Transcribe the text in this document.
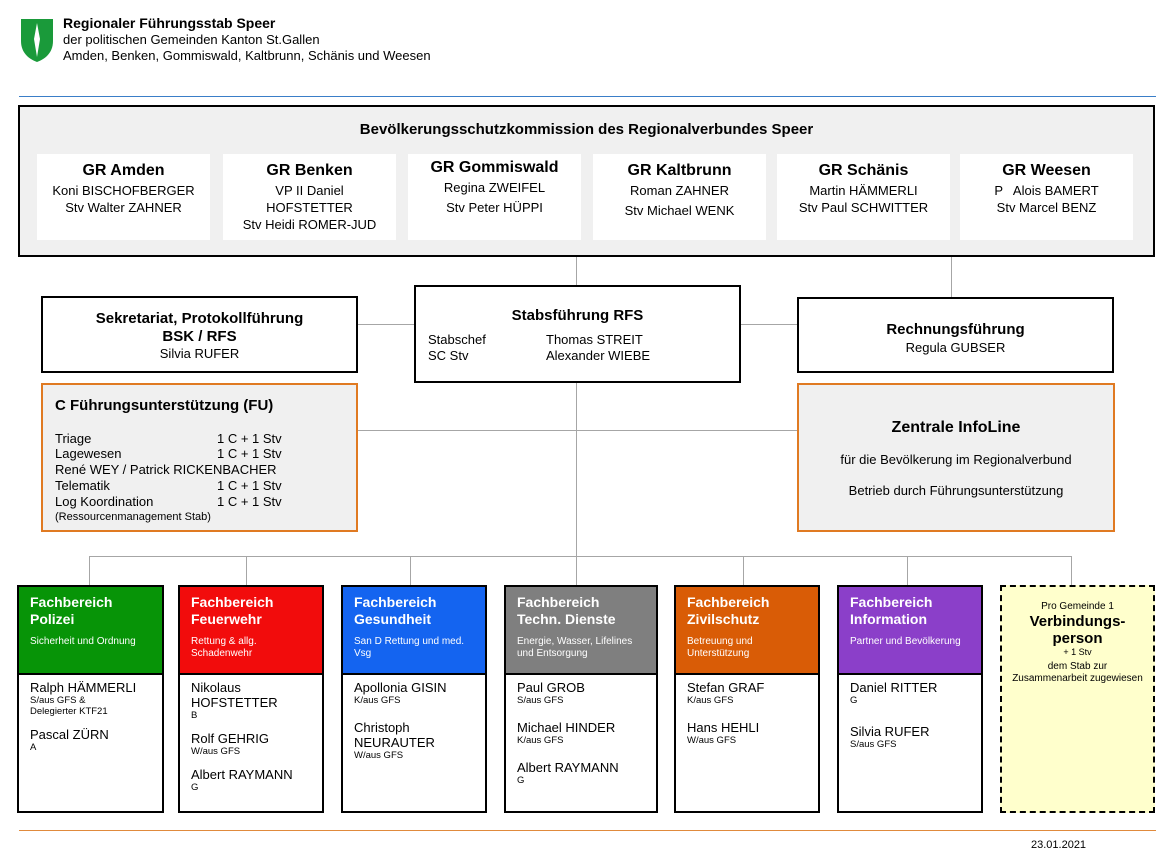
Regionaler Führungsstab Speer
der politischen Gemeinden Kanton St.Gallen
Amden, Benken, Gommiswald, Kaltbrunn, Schänis und Weesen
Bevölkerungsschutzkommission des Regionalverbundes Speer
GR Amden
Koni BISCHOFBERGER
Stv Walter ZAHNER
GR Benken
VP II Daniel
HOFSTETTER
Stv Heidi ROMER-JUD
GR Gommiswald
Regina ZWEIFEL
Stv Peter HÜPPI
GR Kaltbrunn
Roman ZAHNER
Stv Michael WENK
GR Schänis
Martin HÄMMERLI
Stv Paul SCHWITTER
GR Weesen
P   Alois BAMERT
Stv Marcel BENZ
Sekretariat, Protokollführung
BSK / RFS
Silvia RUFER
Stabsführung RFS
Stabschef	Thomas STREIT
SC Stv	Alexander WIEBE
Rechnungsführung
Regula GUBSER
C Führungsunterstützung (FU)
Triage	1 C + 1 Stv
Lagewesen	1 C + 1 Stv
René WEY / Patrick RICKENBACHER
Telematik	1 C + 1 Stv
Log Koordination	1 C + 1 Stv
(Ressourcenmanagement Stab)
Zentrale InfoLine
für die Bevölkerung im Regionalverbund
Betrieb durch Führungsunterstützung
Fachbereich
Polizei
Sicherheit und Ordnung
Ralph HÄMMERLI
S/aus GFS &
Delegierter KTF21
Pascal ZÜRN
A
Fachbereich
Feuerwehr
Rettung & allg.
Schadenwehr
Nikolaus
HOFSTETTER
B
Rolf GEHRIG
W/aus GFS
Albert RAYMANN
G
Fachbereich
Gesundheit
San D Rettung und med.
Vsg
Apollonia GISIN
K/aus GFS
Christoph
NEURAUTER
W/aus GFS
Fachbereich
Techn. Dienste
Energie, Wasser, Lifelines
und Entsorgung
Paul GROB
S/aus GFS
Michael HINDER
K/aus GFS
Albert RAYMANN
G
Fachbereich
Zivilschutz
Betreuung und
Unterstützung
Stefan GRAF
K/aus GFS
Hans HEHLI
W/aus GFS
Fachbereich
Information
Partner und Bevölkerung
Daniel RITTER
G
Silvia RUFER
S/aus GFS
Pro Gemeinde 1
Verbindungs-
person
+ 1 Stv
dem Stab zur
Zusammenarbeit zugewiesen
23.01.2021
